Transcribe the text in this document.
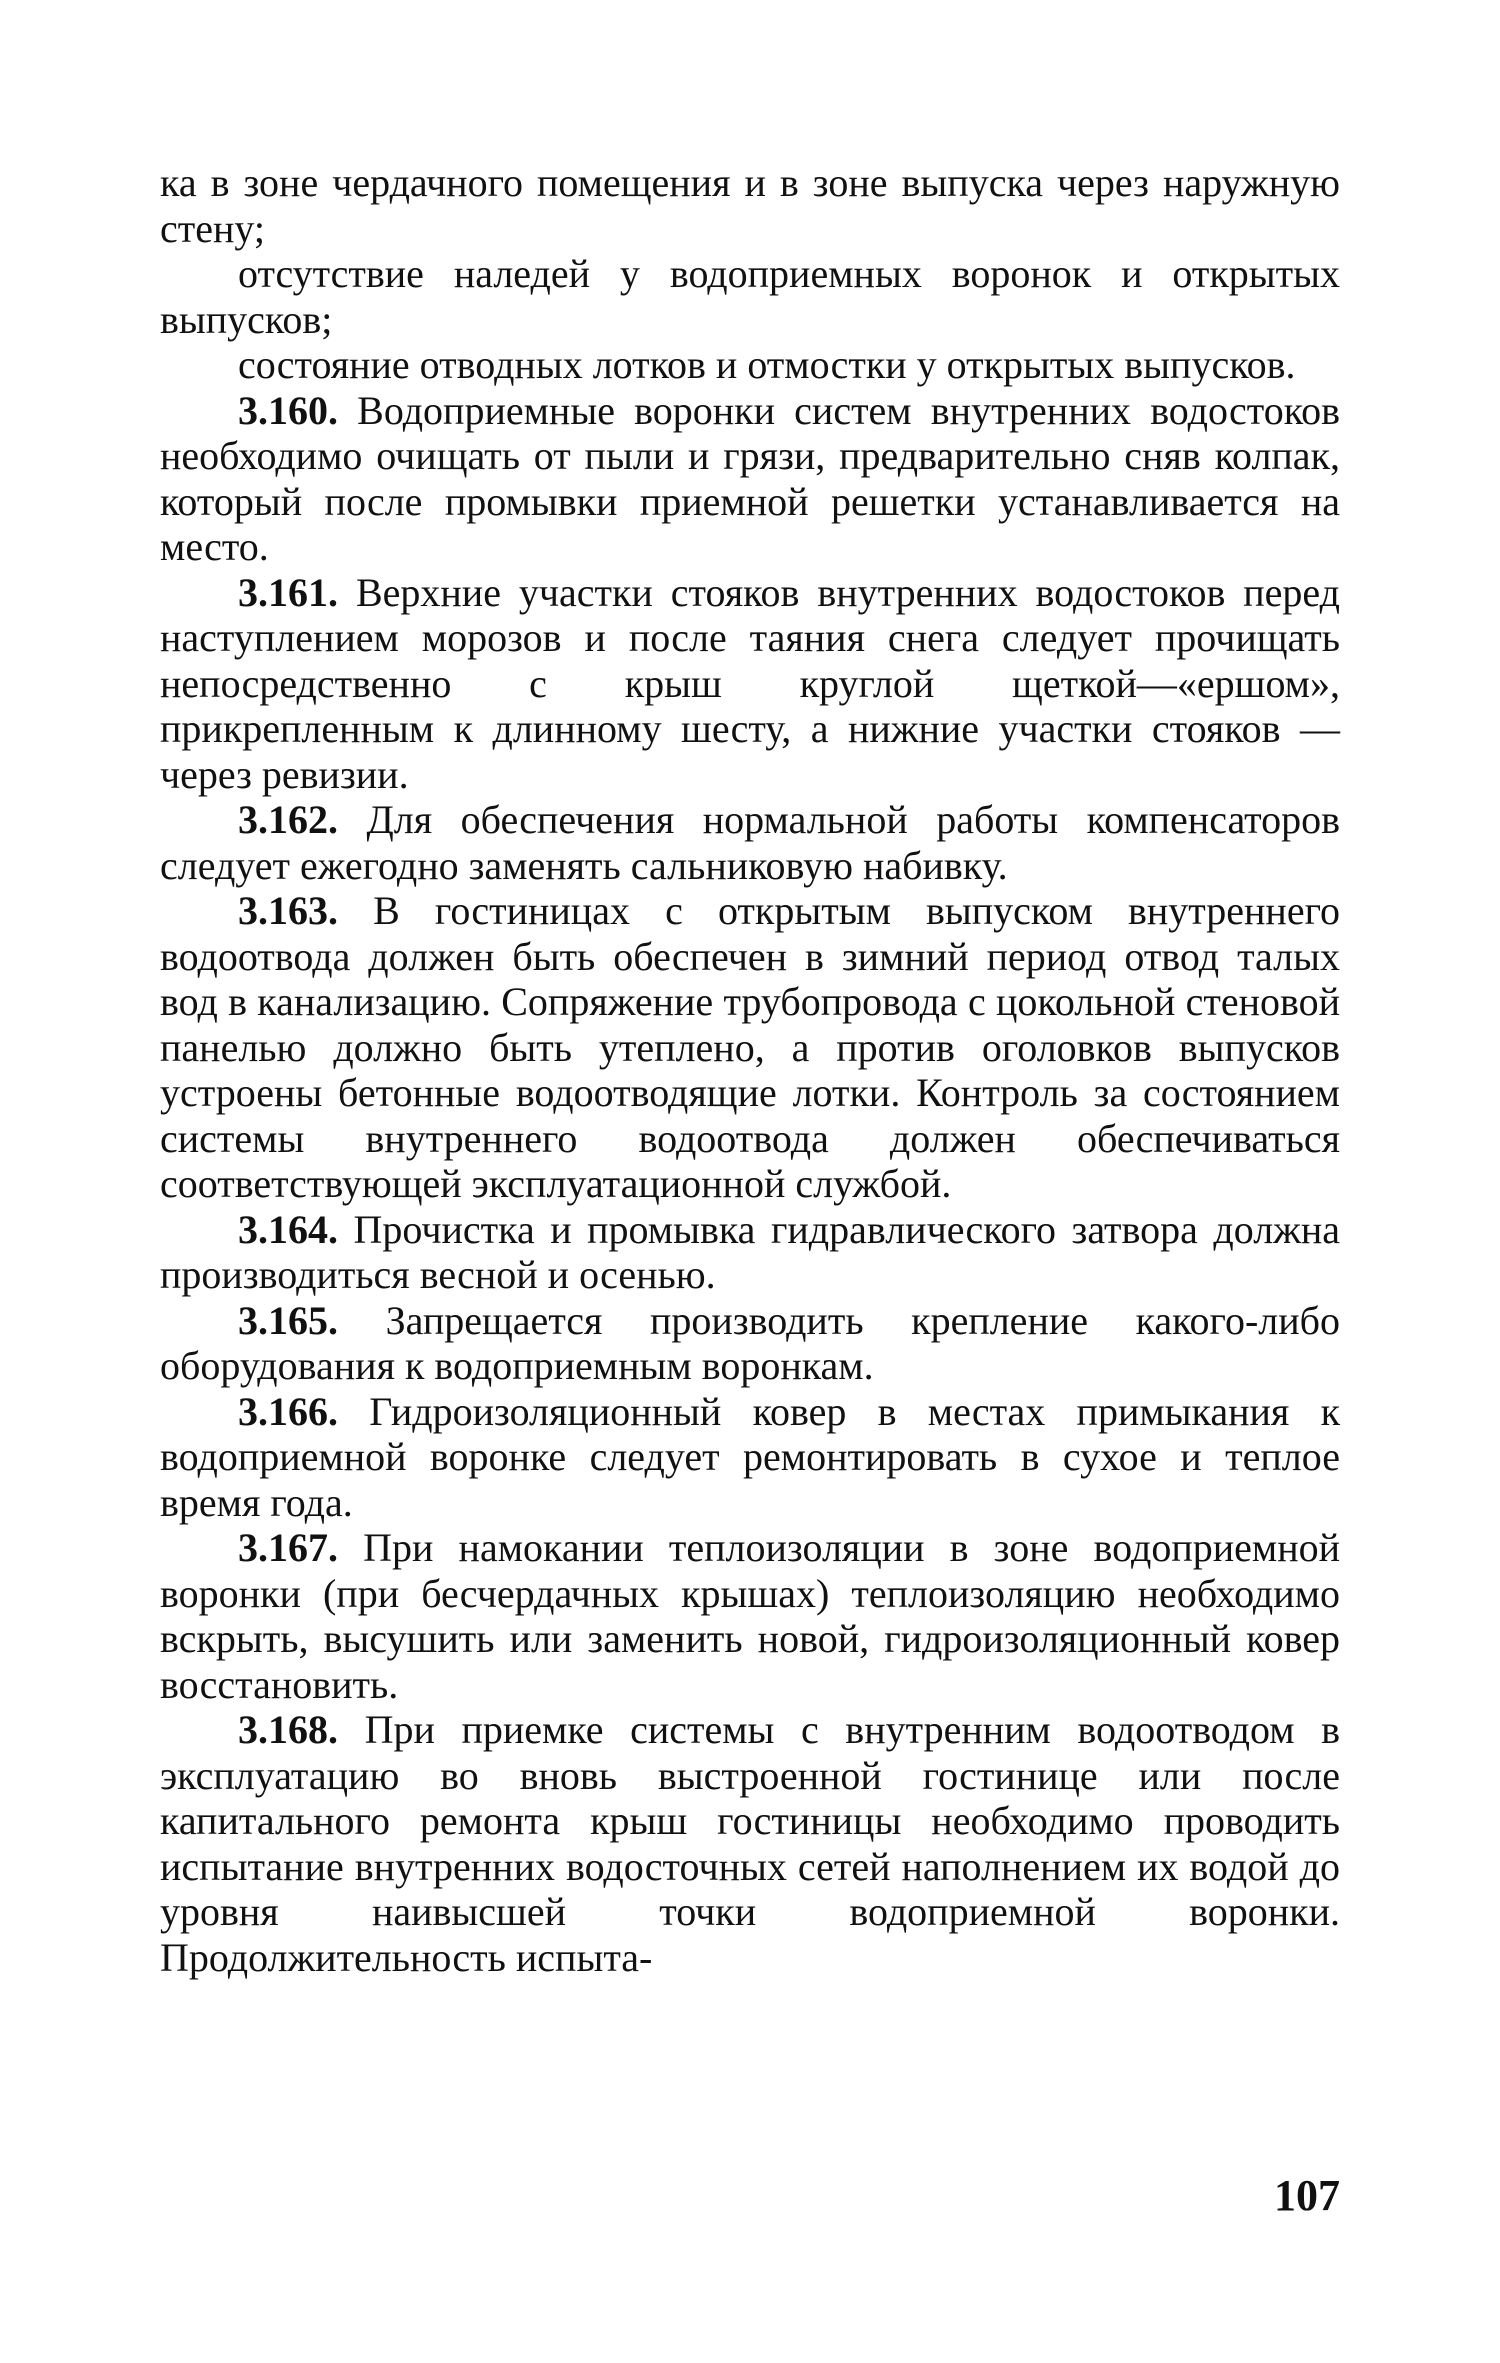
ка в зоне чердачного помещения и в зоне выпуска через наружную стену;

отсутствие наледей у водоприемных воронок и открытых выпусков;

состояние отводных лотков и отмостки у открытых выпусков.

3.160. Водоприемные воронки систем внутренних водостоков необходимо очищать от пыли и грязи, предварительно сняв колпак, который после промывки приемной решетки устанавливается на место.

3.161. Верхние участки стояков внутренних водостоков перед наступлением морозов и после таяния снега следует прочищать непосредственно с крыш круглой щеткой—«ершом», прикрепленным к длинному шесту, а нижние участки стояков — через ревизии.

3.162. Для обеспечения нормальной работы компенсаторов следует ежегодно заменять сальниковую набивку.

3.163. В гостиницах с открытым выпуском внутреннего водоотвода должен быть обеспечен в зимний период отвод талых вод в канализацию. Сопряжение трубопровода с цокольной стеновой панелью должно быть утеплено, а против оголовков выпусков устроены бетонные водоотводящие лотки. Контроль за состоянием системы внутреннего водоотвода должен обеспечиваться соответствующей эксплуатационной службой.

3.164. Прочистка и промывка гидравлического затвора должна производиться весной и осенью.

3.165. Запрещается производить крепление какого-либо оборудования к водоприемным воронкам.

3.166. Гидроизоляционный ковер в местах примыкания к водоприемной воронке следует ремонтировать в сухое и теплое время года.

3.167. При намокании теплоизоляции в зоне водоприемной воронки (при бесчердачных крышах) теплоизоляцию необходимо вскрыть, высушить или заменить новой, гидроизоляционный ковер восстановить.

3.168. При приемке системы с внутренним водоотводом в эксплуатацию во вновь выстроенной гостинице или после капитального ремонта крыш гостиницы необходимо проводить испытание внутренних водосточных сетей наполнением их водой до уровня наивысшей точки водоприемной воронки. Продолжительность испыта-

107
